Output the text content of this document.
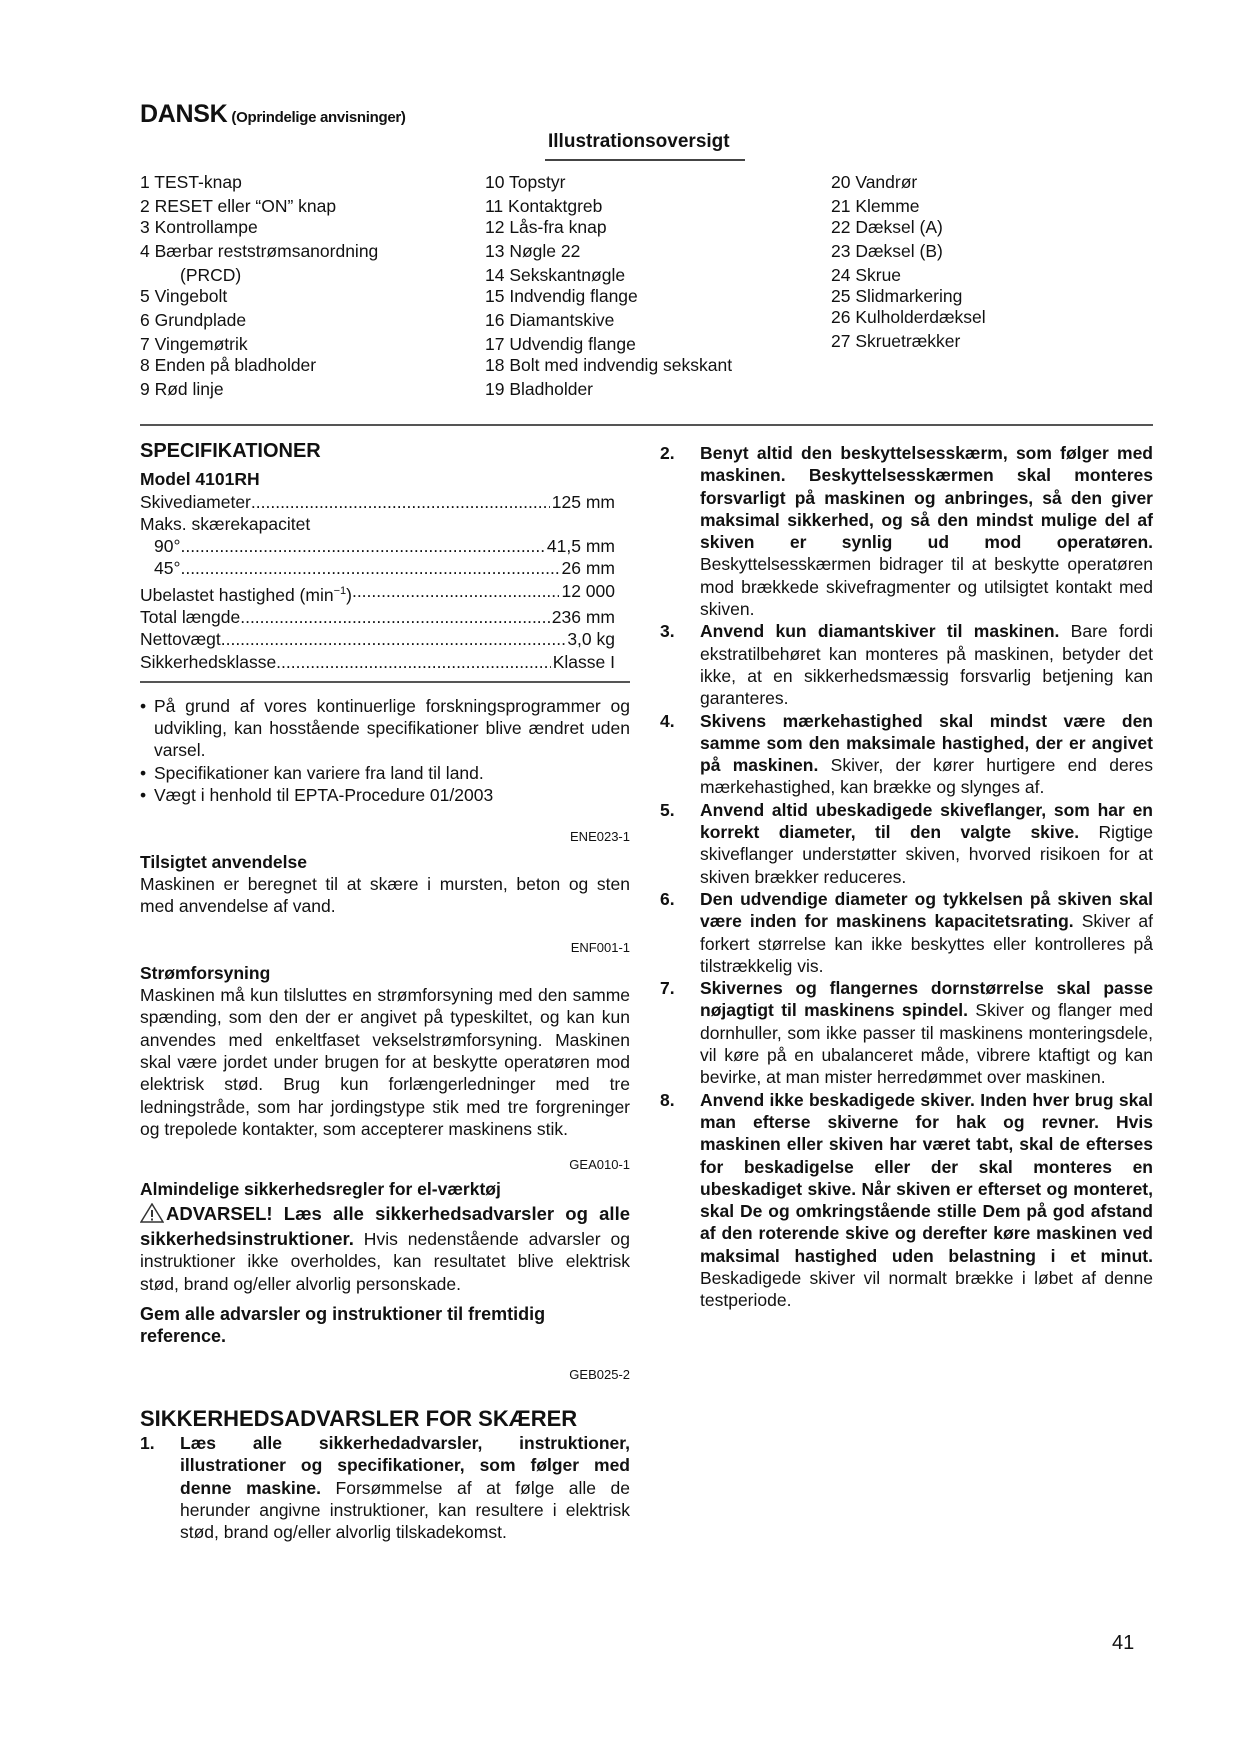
DANSK (Oprindelige anvisninger)
Illustrationsoversigt
1 TEST-knap
2 RESET eller “ON” knap
3 Kontrollampe
4 Bærbar reststrømsanordning
(PRCD)
5 Vingebolt
6 Grundplade
7 Vingemøtrik
8 Enden på bladholder
9 Rød linje
10 Topstyr
11 Kontaktgreb
12 Lås-fra knap
13 Nøgle 22
14 Sekskantnøgle
15 Indvendig flange
16 Diamantskive
17 Udvendig flange
18 Bolt med indvendig sekskant
19 Bladholder
20 Vandrør
21 Klemme
22 Dæksel (A)
23 Dæksel (B)
24 Skrue
25 Slidmarkering
26 Kulholderdæksel
27 Skruetrækker
SPECIFIKATIONER
Model 4101RH
Skivediameter .....	125 mm
Maks. skærekapacitet
90° .....	41,5 mm
45° .....	26 mm
Ubelastet hastighed $(\min^{-1})$ .....	12 000
Total længde .....	236 mm
Nettovægt .....	3,0 kg
Sikkerhedsklasse .....	Klasse I
• På grund af vores kontinuerlige forskningsprogrammer og udvikling, kan hosstående specifikationer blive ændret uden varsel.
• Specifikationer kan variere fra land til land.
• Vægt i henhold til EPTA-Procedure 01/2003
ENE023-1
Tilsigtet anvendelse
Maskinen er beregnet til at skære i mursten, beton og sten med anvendelse af vand.
ENF001-1
Strømforsyning
Maskinen må kun tilsluttes en strømforsyning med den samme spænding, som den der er angivet på typeskiltet, og kan kun anvendes med enkeltfaset vekselstrømforsyning. Maskinen skal være jordet under brugen for at beskytte operatøren mod elektrisk stød. Brug kun forlængerledninger med tre ledningstråde, som har jordingstype stik med tre forgreninger og trepolede kontakter, som accepterer maskinens stik.
GEA010-1
Almindelige sikkerhedsregler for el-værktøj
ADVARSEL! Læs alle sikkerhedsadvarsler og alle sikkerhedsinstruktioner. Hvis nedenstående advarsler og instruktioner ikke overholdes, kan resultatet blive elektrisk stød, brand og/eller alvorlig personskade.
Gem alle advarsler og instruktioner til fremtidig reference.
GEB025-2
SIKKERHEDSADVARSLER FOR SKÆRER
1.	Læs alle sikkerhedadvarsler, instruktioner, illustrationer og specifikationer, som følger med denne maskine. Forsømmelse af at følge alle de herunder angivne instruktioner, kan resultere i elektrisk stød, brand og/eller alvorlig tilskadekomst.
2.	Benyt altid den beskyttelsesskærm, som følger med maskinen. Beskyttelsesskærmen skal monteres forsvarligt på maskinen og anbringes, så den giver maksimal sikkerhed, og så den mindst mulige del af skiven er synlig ud mod operatøren. Beskyttelsesskærmen bidrager til at beskytte operatøren mod brækkede skivefragmenter og utilsigtet kontakt med skiven.
3.	Anvend kun diamantskiver til maskinen. Bare fordi ekstratilbehøret kan monteres på maskinen, betyder det ikke, at en sikkerhedsmæssig forsvarlig betjening kan garanteres.
4.	Skivens mærkehastighed skal mindst være den samme som den maksimale hastighed, der er angivet på maskinen. Skiver, der kører hurtigere end deres mærkehastighed, kan brække og slynges af.
5.	Anvend altid ubeskadigede skiveflanger, som har en korrekt diameter, til den valgte skive. Rigtige skiveflanger understøtter skiven, hvorved risikoen for at skiven brækker reduceres.
6.	Den udvendige diameter og tykkelsen på skiven skal være inden for maskinens kapacitetsrating. Skiver af forkert størrelse kan ikke beskyttes eller kontrolleres på tilstrækkelig vis.
7.	Skivernes og flangernes dornstørrelse skal passe nøjagtigt til maskinens spindel. Skiver og flanger med dornhuller, som ikke passer til maskinens monteringsdele, vil køre på en ubalanceret måde, vibrere ktaftigt og kan bevirke, at man mister herredømmet over maskinen.
8.	Anvend ikke beskadigede skiver. Inden hver brug skal man efterse skiverne for hak og revner. Hvis maskinen eller skiven har været tabt, skal de efterses for beskadigelse eller der skal monteres en ubeskadiget skive. Når skiven er efterset og monteret, skal De og omkringstående stille Dem på god afstand af den roterende skive og derefter køre maskinen ved maksimal hastighed uden belastning i et minut. Beskadigede skiver vil normalt brække i løbet af denne testperiode.
41
